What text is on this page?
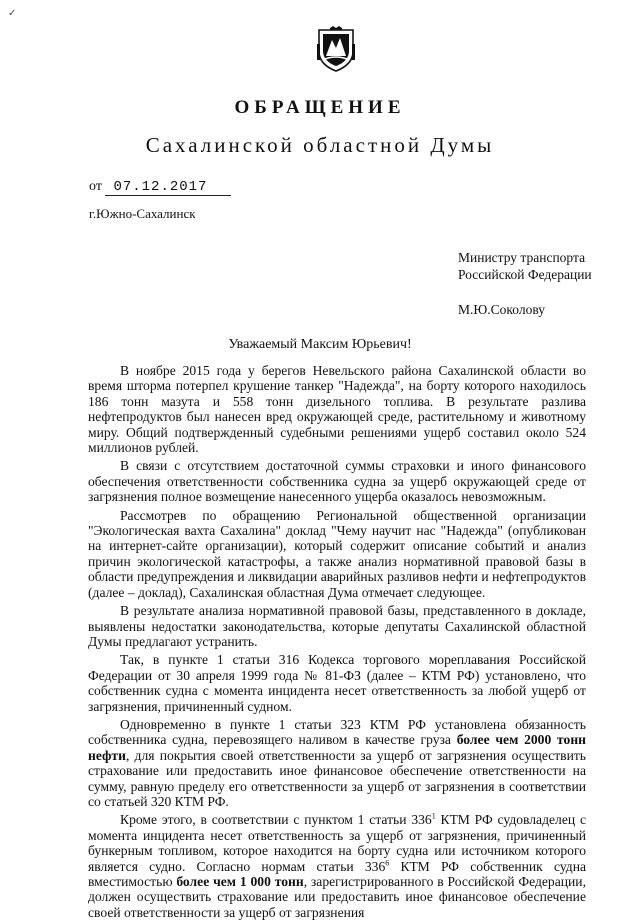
✓
ОБРАЩЕНИЕ
Сахалинской областной Думы
от 07.12.2017
г.Южно-Сахалинск
Министру транспорта
Российской Федерации
М.Ю.Соколову
Уважаемый Максим Юрьевич!

В ноябре 2015 года у берегов Невельского района Сахалинской области во время шторма потерпел крушение танкер "Надежда", на борту которого находилось 186 тонн мазута и 558 тонн дизельного топлива. В результате разлива нефтепродуктов был нанесен вред окружающей среде, растительному и животному миру. Общий подтвержденный судебными решениями ущерб составил около 524 миллионов рублей.

В связи с отсутствием достаточной суммы страховки и иного финансового обеспечения ответственности собственника судна за ущерб окружающей среде от загрязнения полное возмещение нанесенного ущерба оказалось невозможным.

Рассмотрев по обращению Региональной общественной организации "Экологическая вахта Сахалина" доклад "Чему научит нас "Надежда" (опубликован на интернет-сайте организации), который содержит описание событий и анализ причин экологической катастрофы, а также анализ нормативной правовой базы в области предупреждения и ликвидации аварийных разливов нефти и нефтепродуктов (далее – доклад), Сахалинская областная Дума отмечает следующее.

В результате анализа нормативной правовой базы, представленного в докладе, выявлены недостатки законодательства, которые депутаты Сахалинской областной Думы предлагают устранить.

Так, в пункте 1 статьи 316 Кодекса торгового мореплавания Российской Федерации от 30 апреля 1999 года № 81-ФЗ (далее – КТМ РФ) установлено, что собственник судна с момента инцидента несет ответственность за любой ущерб от загрязнения, причиненный судном.

Одновременно в пункте 1 статьи 323 КТМ РФ установлена обязанность собственника судна, перевозящего наливом в качестве груза более чем 2000 тонн нефти, для покрытия своей ответственности за ущерб от загрязнения осуществить страхование или предоставить иное финансовое обеспечение ответственности на сумму, равную пределу его ответственности за ущерб от загрязнения в соответствии со статьей 320 КТМ РФ.

Кроме этого, в соответствии с пунктом 1 статьи $336^1$ КТМ РФ судовладелец с момента инцидента несет ответственность за ущерб от загрязнения, причиненный бункерным топливом, которое находится на борту судна или источником которого является судно. Согласно нормам статьи $336^6$ КТМ РФ собственник судна вместимостью более чем 1 000 тонн, зарегистрированного в Российской Федерации, должен осуществить страхование или предоставить иное финансовое обеспечение своей ответственности за ущерб от загрязнения
